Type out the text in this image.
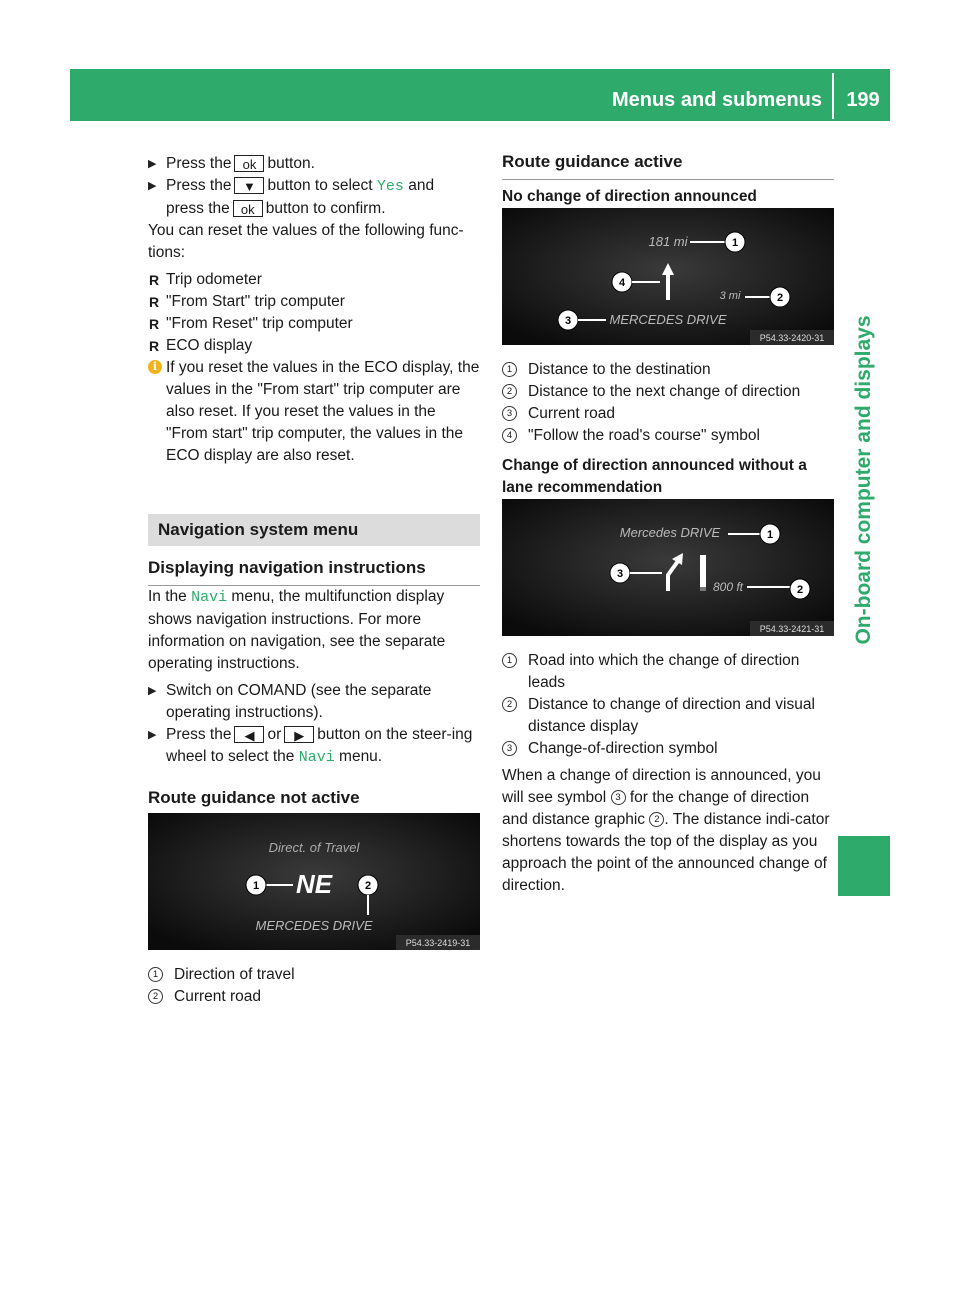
Menus and submenus	199
On-board computer and displays

▶ Press the ok button.

▶ Press the ▼ button to select Yes and
press the ok button to confirm.

You can reset the values of the following func-tions:

R Trip odometer

R "From Start" trip computer

R "From Reset" trip computer

R ECO display

i If you reset the values in the ECO display, the values in the "From start" trip computer are also reset. If you reset the values in the "From start" trip computer, the values in the ECO display are also reset.

Navigation system menu

Displaying navigation instructions

In the Navi menu, the multifunction display shows navigation instructions. For more information on navigation, see the separate operating instructions.

▶ Switch on COMAND (see the separate operating instructions).

▶ Press the ◀ or ▶ button on the steer-ing wheel to select the Navi menu.

Route guidance not active

Direct. of Travel
1 NE	2
MERCEDES DRIVE
P54.33-2419-31

1	Direction of travel

2	Current road

Route guidance active

No change of direction announced

181 mi	1
4
3 mi	2
3	MERCEDES DRIVE
P54.33-2420-31

1	Distance to the destination

2	Distance to the next change of direction

3	Current road

4	"Follow the road's course" symbol

Change of direction announced without a lane recommendation

Mercedes DRIVE	1
3
800 ft	2
P54.33-2421-31

1	Road into which the change of direction leads

2	Distance to change of direction and visual distance display

3	Change-of-direction symbol

When a change of direction is announced, you will see symbol 3 for the change of direction and distance graphic 2 . The distance indi-cator shortens towards the top of the display as you approach the point of the announced change of direction.
